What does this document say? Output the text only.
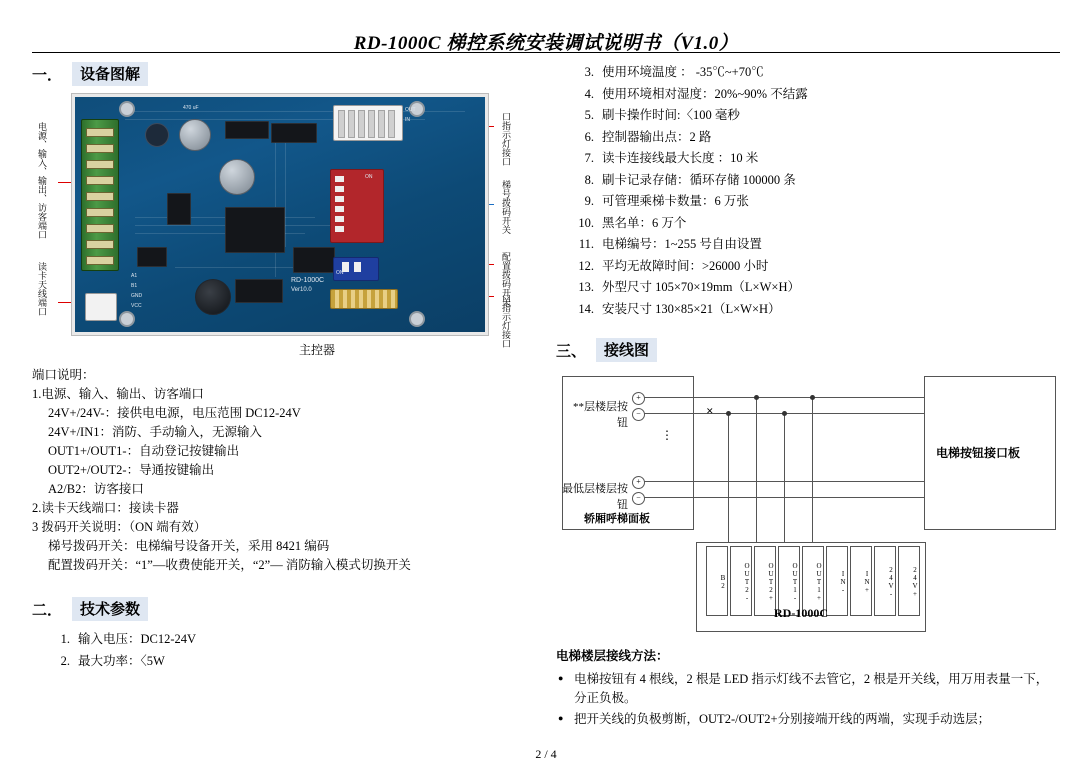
RD-1000C 梯控系统安装调试说明书（V1.0）
一．	设备图解
电源、输入、输出、访客端口
读卡天线端口
口指示灯接口
梯号拨码开关
配置拨码开关
口指示灯接口
470 uF
ON
ON
RD-1000C
Ver10.0
A1
B1
GND
VCC
OUT
IN
主控器
端口说明：
1.电源、输入、输出、访客端口
24V+/24V-：接供电电源，电压范围 DC12-24V
24V+/IN1：消防、手动输入，无源输入
OUT1+/OUT1-：自动登记按键输出
OUT2+/OUT2-：导通按键输出
A2/B2：访客接口
2.读卡天线端口：接读卡器
3 拨码开关说明：（ON 端有效）
梯号拨码开关：电梯编号设备开关，采用 8421 编码
配置拨码开关：“1”—收费使能开关，“2”— 消防输入模式切换开关
二．	技术参数
1. 输入电压：DC12-24V
2. 最大功率：〈5W
3. 使用环境温度 ： -35℃~+70℃
4. 使用环境相对湿度：20%~90% 不结露
5. 刷卡操作时间:〈100 毫秒
6. 控制器输出点：2 路
7. 读卡连接线最大长度 ：10 米
8. 刷卡记录存储：循环存储 100000 条
9. 可管理乘梯卡数量：6 万张
10. 黑名单：6 万个
11. 电梯编号：1~255 号自由设置
12. 平均无故障时间：>26000 小时
13. 外型尺寸 105×70×19mm（L×W×H）
14. 安装尺寸 130×85×21（L×W×H）
三、	接线图
**层楼层按钮
+
−
最低层楼层按钮
+
−
轿厢呼梯面板
⋮
电梯按钮接口板
✕
B2	OUT2-	OUT2+	OUT1-	OUT1+	IN-	IN+	24V-	24V+
RD-1000C
电梯楼层接线方法：
● 电梯按钮有 4 根线，2 根是 LED 指示灯线不去管它，2 根是开关线，用万用表量一下，分正负极。
● 把开关线的负极剪断，OUT2-/OUT2+分别接端开线的两端，实现手动选层；
2 / 4
